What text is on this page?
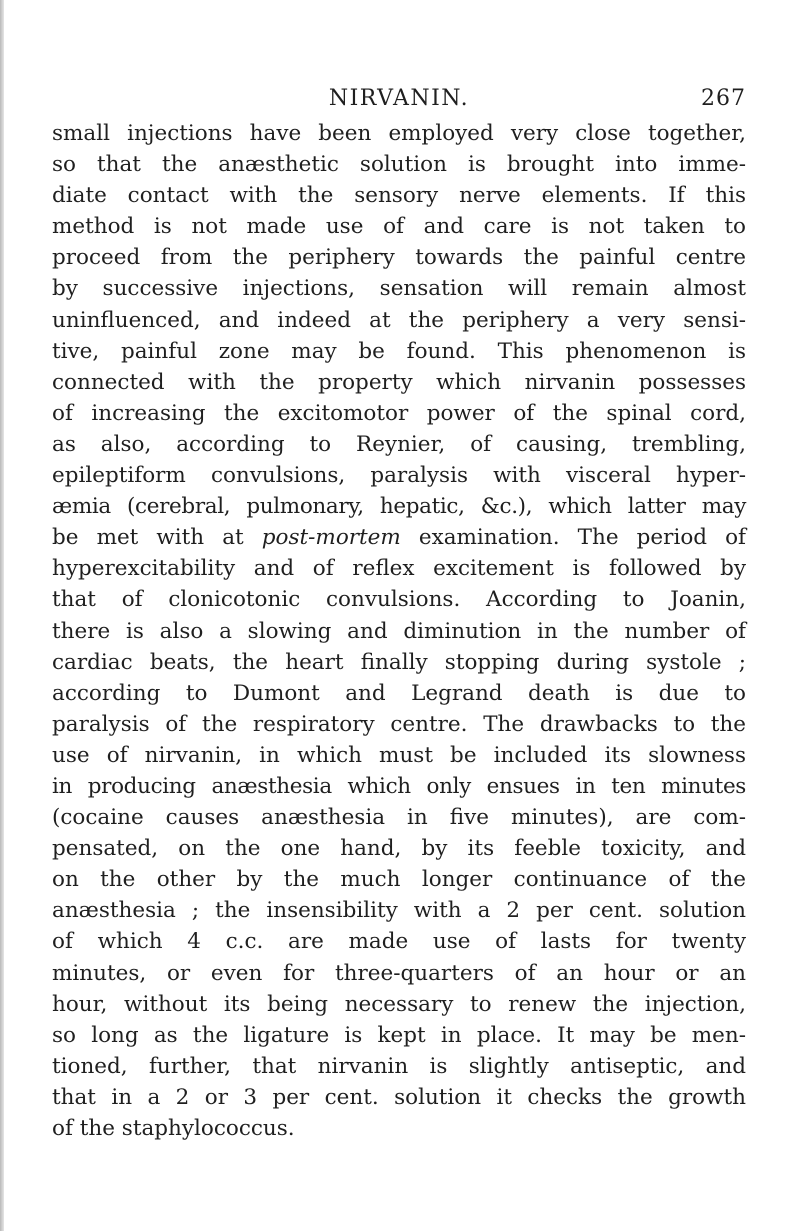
NIRVANIN.	267
small injections have been employed very close together,
so that the anæsthetic solution is brought into imme-
diate contact with the sensory nerve elements. If this
method is not made use of and care is not taken to
proceed from the periphery towards the painful centre
by successive injections, sensation will remain almost
uninfluenced, and indeed at the periphery a very sensi-
tive, painful zone may be found. This phenomenon is
connected with the property which nirvanin possesses
of increasing the excitomotor power of the spinal cord,
as also, according to Reynier, of causing, trembling,
epileptiform convulsions, paralysis with visceral hyper-
æmia (cerebral, pulmonary, hepatic, &c.), which latter may
be met with at post-mortem examination. The period of
hyperexcitability and of reflex excitement is followed by
that of clonicotonic convulsions. According to Joanin,
there is also a slowing and diminution in the number of
cardiac beats, the heart finally stopping during systole ;
according to Dumont and Legrand death is due to
paralysis of the respiratory centre. The drawbacks to the
use of nirvanin, in which must be included its slowness
in producing anæsthesia which only ensues in ten minutes
(cocaine causes anæsthesia in five minutes), are com-
pensated, on the one hand, by its feeble toxicity, and
on the other by the much longer continuance of the
anæsthesia ; the insensibility with a 2 per cent. solution
of which 4 c.c. are made use of lasts for twenty
minutes, or even for three-quarters of an hour or an
hour, without its being necessary to renew the injection,
so long as the ligature is kept in place. It may be men-
tioned, further, that nirvanin is slightly antiseptic, and
that in a 2 or 3 per cent. solution it checks the growth
of the staphylococcus.
